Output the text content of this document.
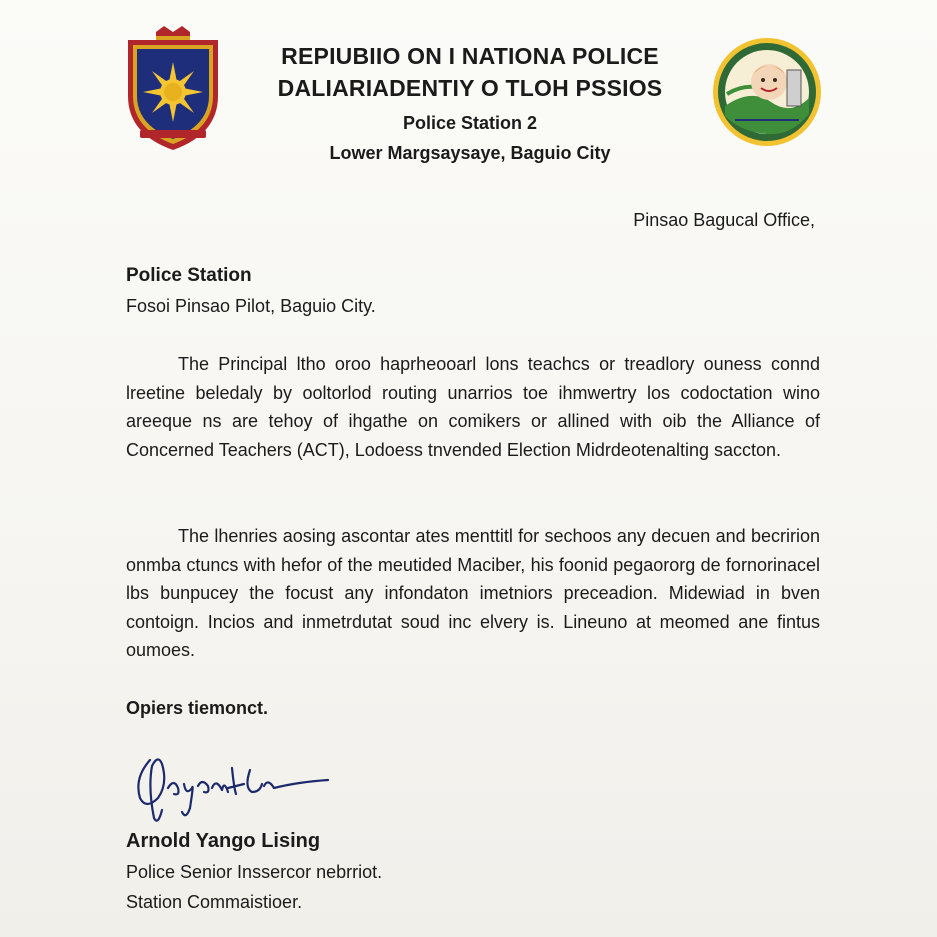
REPIUBIIO ON I NATIONA POLICE
DALIARIADEΝTIY O TLOH PSSIOS
Police Station 2
Lower Margsaysaye, Baguio City
Pinsao Bagucal Office,
Police Station
Fosoi Pinsao Pilot, Baguio City.
The Principal ltho oroo haprheooarl lons teachcs or treadlory ouness connd lreetine beledaly by ooltorlod routing unarrios toe ihmwertry los codoctation wino areeque ns are tehoy of ihgathe on comikers or allined with oib the Alliance of Concerned Teachers (ACT), Lodoess tnvended Election Midrdeotenalting saccton.
The lhenries aosing ascontar ates menttitl for sechoos any decuen and becririon onmba ctuncs with hefor of the meutided Maciber, his foonid pegaororg de fornorinacel lbs bunpucey the focust any infondaton imetniors preceadion. Midewiad in bven contoign. Incios and inmetrdutat soud inc elvery is. Lineuno at meomed ane fintus oumoes.
Opiers tiemonct.
Arnold Yango Lising
Police Senior Inssercor nebrriot.
Station Commaistioer.
